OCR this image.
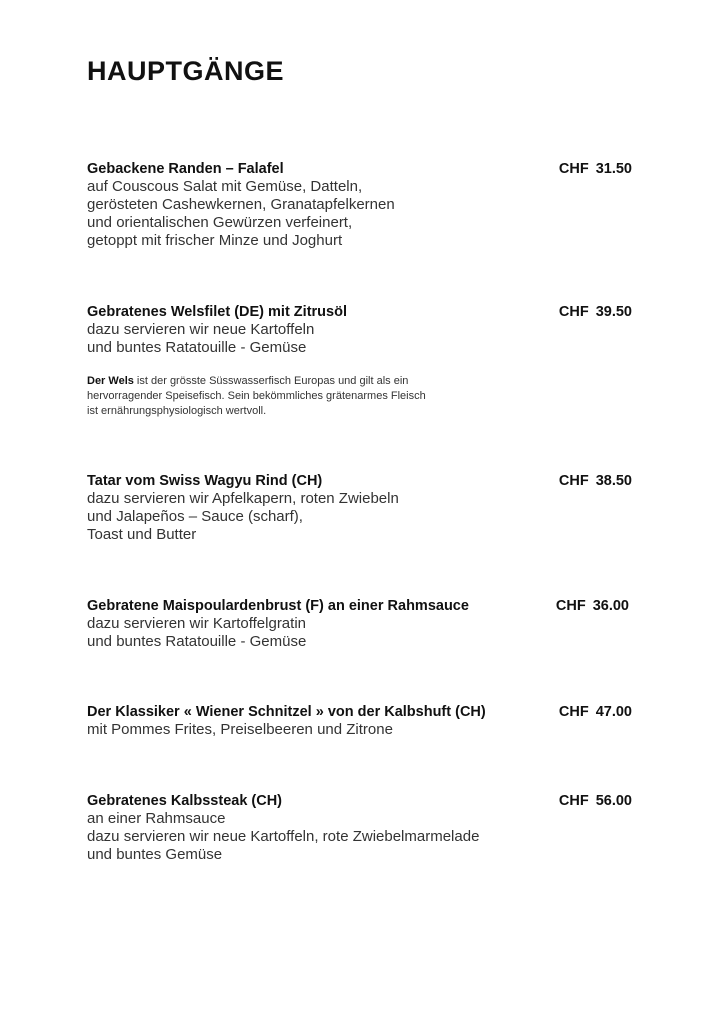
HAUPTGÄNGE
Gebackene Randen – Falafel	CHF 31.50
auf Couscous Salat mit Gemüse, Datteln,
gerösteten Cashewkernen, Granatapfelkernen
und orientalischen Gewürzen verfeinert,
getoppt mit frischer Minze und Joghurt
Gebratenes Welsfilet (DE) mit Zitrusöl	CHF 39.50
dazu servieren wir neue Kartoffeln
und buntes Ratatouille - Gemüse
Der Wels ist der grösste Süsswasserfisch Europas und gilt als ein
hervorragender Speisefisch. Sein bekömmliches grätenarmes Fleisch
ist ernährungsphysiologisch wertvoll.
Tatar vom Swiss Wagyu Rind (CH)	CHF 38.50
dazu servieren wir Apfelkapern, roten Zwiebeln
und Jalapeños – Sauce (scharf),
Toast und Butter
Gebratene Maispoulardenbrust (F) an einer Rahmsauce	CHF 36.00
dazu servieren wir Kartoffelgratin
und buntes Ratatouille - Gemüse
Der Klassiker « Wiener Schnitzel » von der Kalbshuft (CH)	CHF 47.00
mit Pommes Frites, Preiselbeeren und Zitrone
Gebratenes Kalbssteak (CH)	CHF 56.00
an einer Rahmsauce
dazu servieren wir neue Kartoffeln, rote Zwiebelmarmelade
und buntes Gemüse
